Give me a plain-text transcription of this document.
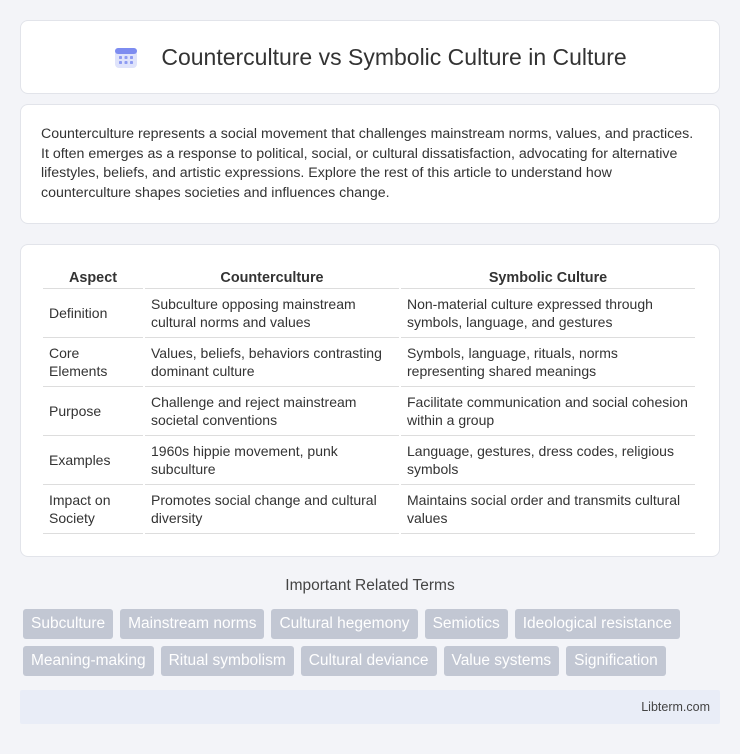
Counterculture vs Symbolic Culture in Culture

Counterculture represents a social movement that challenges mainstream norms, values, and practices. It often emerges as a response to political, social, or cultural dissatisfaction, advocating for alternative lifestyles, beliefs, and artistic expressions. Explore the rest of this article to understand how counterculture shapes societies and influences change.

Aspect	Counterculture	Symbolic Culture
Definition	Subculture opposing mainstream cultural norms and values	Non-material culture expressed through symbols, language, and gestures
Core Elements	Values, beliefs, behaviors contrasting dominant culture	Symbols, language, rituals, norms representing shared meanings
Purpose	Challenge and reject mainstream societal conventions	Facilitate communication and social cohesion within a group
Examples	1960s hippie movement, punk subculture	Language, gestures, dress codes, religious symbols
Impact on Society	Promotes social change and cultural diversity	Maintains social order and transmits cultural values
Important Related Terms
Subculture	Mainstream norms	Cultural hegemony	Semiotics	Ideological resistance
Meaning-making	Ritual symbolism	Cultural deviance	Value systems	Signification
Libterm.com
